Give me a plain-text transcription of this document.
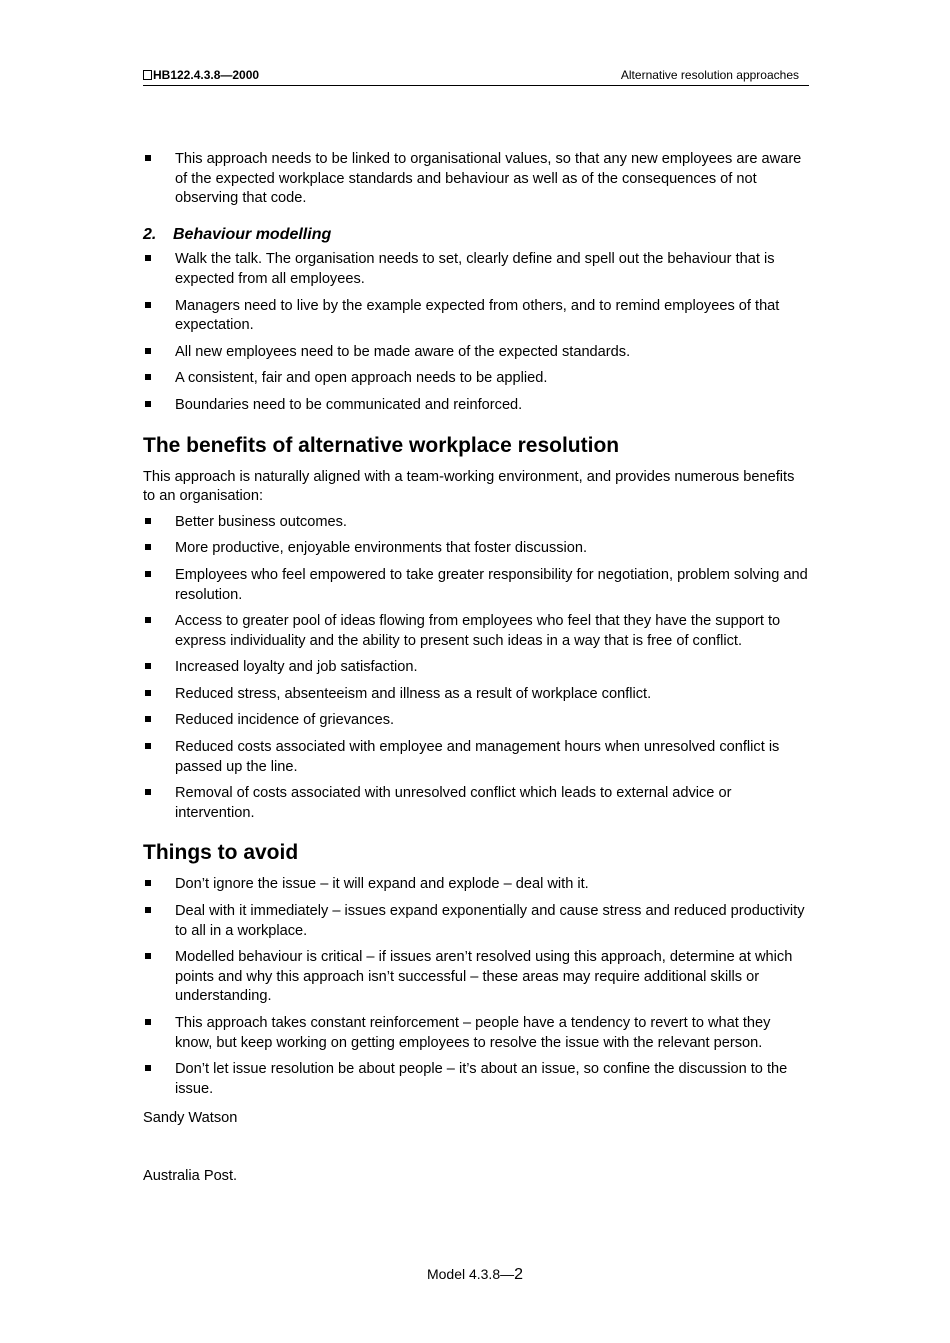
HB122.4.3.8—2000	Alternative resolution approaches
This approach needs to be linked to organisational values, so that any new employees are aware of the expected workplace standards and behaviour as well as of the consequences of not observing that code.
2. Behaviour modelling
Walk the talk. The organisation needs to set, clearly define and spell out the behaviour that is expected from all employees.
Managers need to live by the example expected from others, and to remind employees of that expectation.
All new employees need to be made aware of the expected standards.
A consistent, fair and open approach needs to be applied.
Boundaries need to be communicated and reinforced.
The benefits of alternative workplace resolution

This approach is naturally aligned with a team-working environment, and provides numerous benefits to an organisation:

Better business outcomes.
More productive, enjoyable environments that foster discussion.
Employees who feel empowered to take greater responsibility for negotiation, problem solving and resolution.
Access to greater pool of ideas flowing from employees who feel that they have the support to express individuality and the ability to present such ideas in a way that is free of conflict.
Increased loyalty and job satisfaction.
Reduced stress, absenteeism and illness as a result of workplace conflict.
Reduced incidence of grievances.
Reduced costs associated with employee and management hours when unresolved conflict is passed up the line.
Removal of costs associated with unresolved conflict which leads to external advice or intervention.
Things to avoid
Don’t ignore the issue – it will expand and explode – deal with it.
Deal with it immediately – issues expand exponentially and cause stress and reduced productivity to all in a workplace.
Modelled behaviour is critical – if issues aren’t resolved using this approach, determine at which points and why this approach isn’t successful – these areas may require additional skills or understanding.
This approach takes constant reinforcement – people have a tendency to revert to what they know, but keep working on getting employees to resolve the issue with the relevant person.
Don’t let issue resolution be about people – it’s about an issue, so confine the discussion to the issue.

Sandy Watson

Australia Post.

Model 4.3.8—2
